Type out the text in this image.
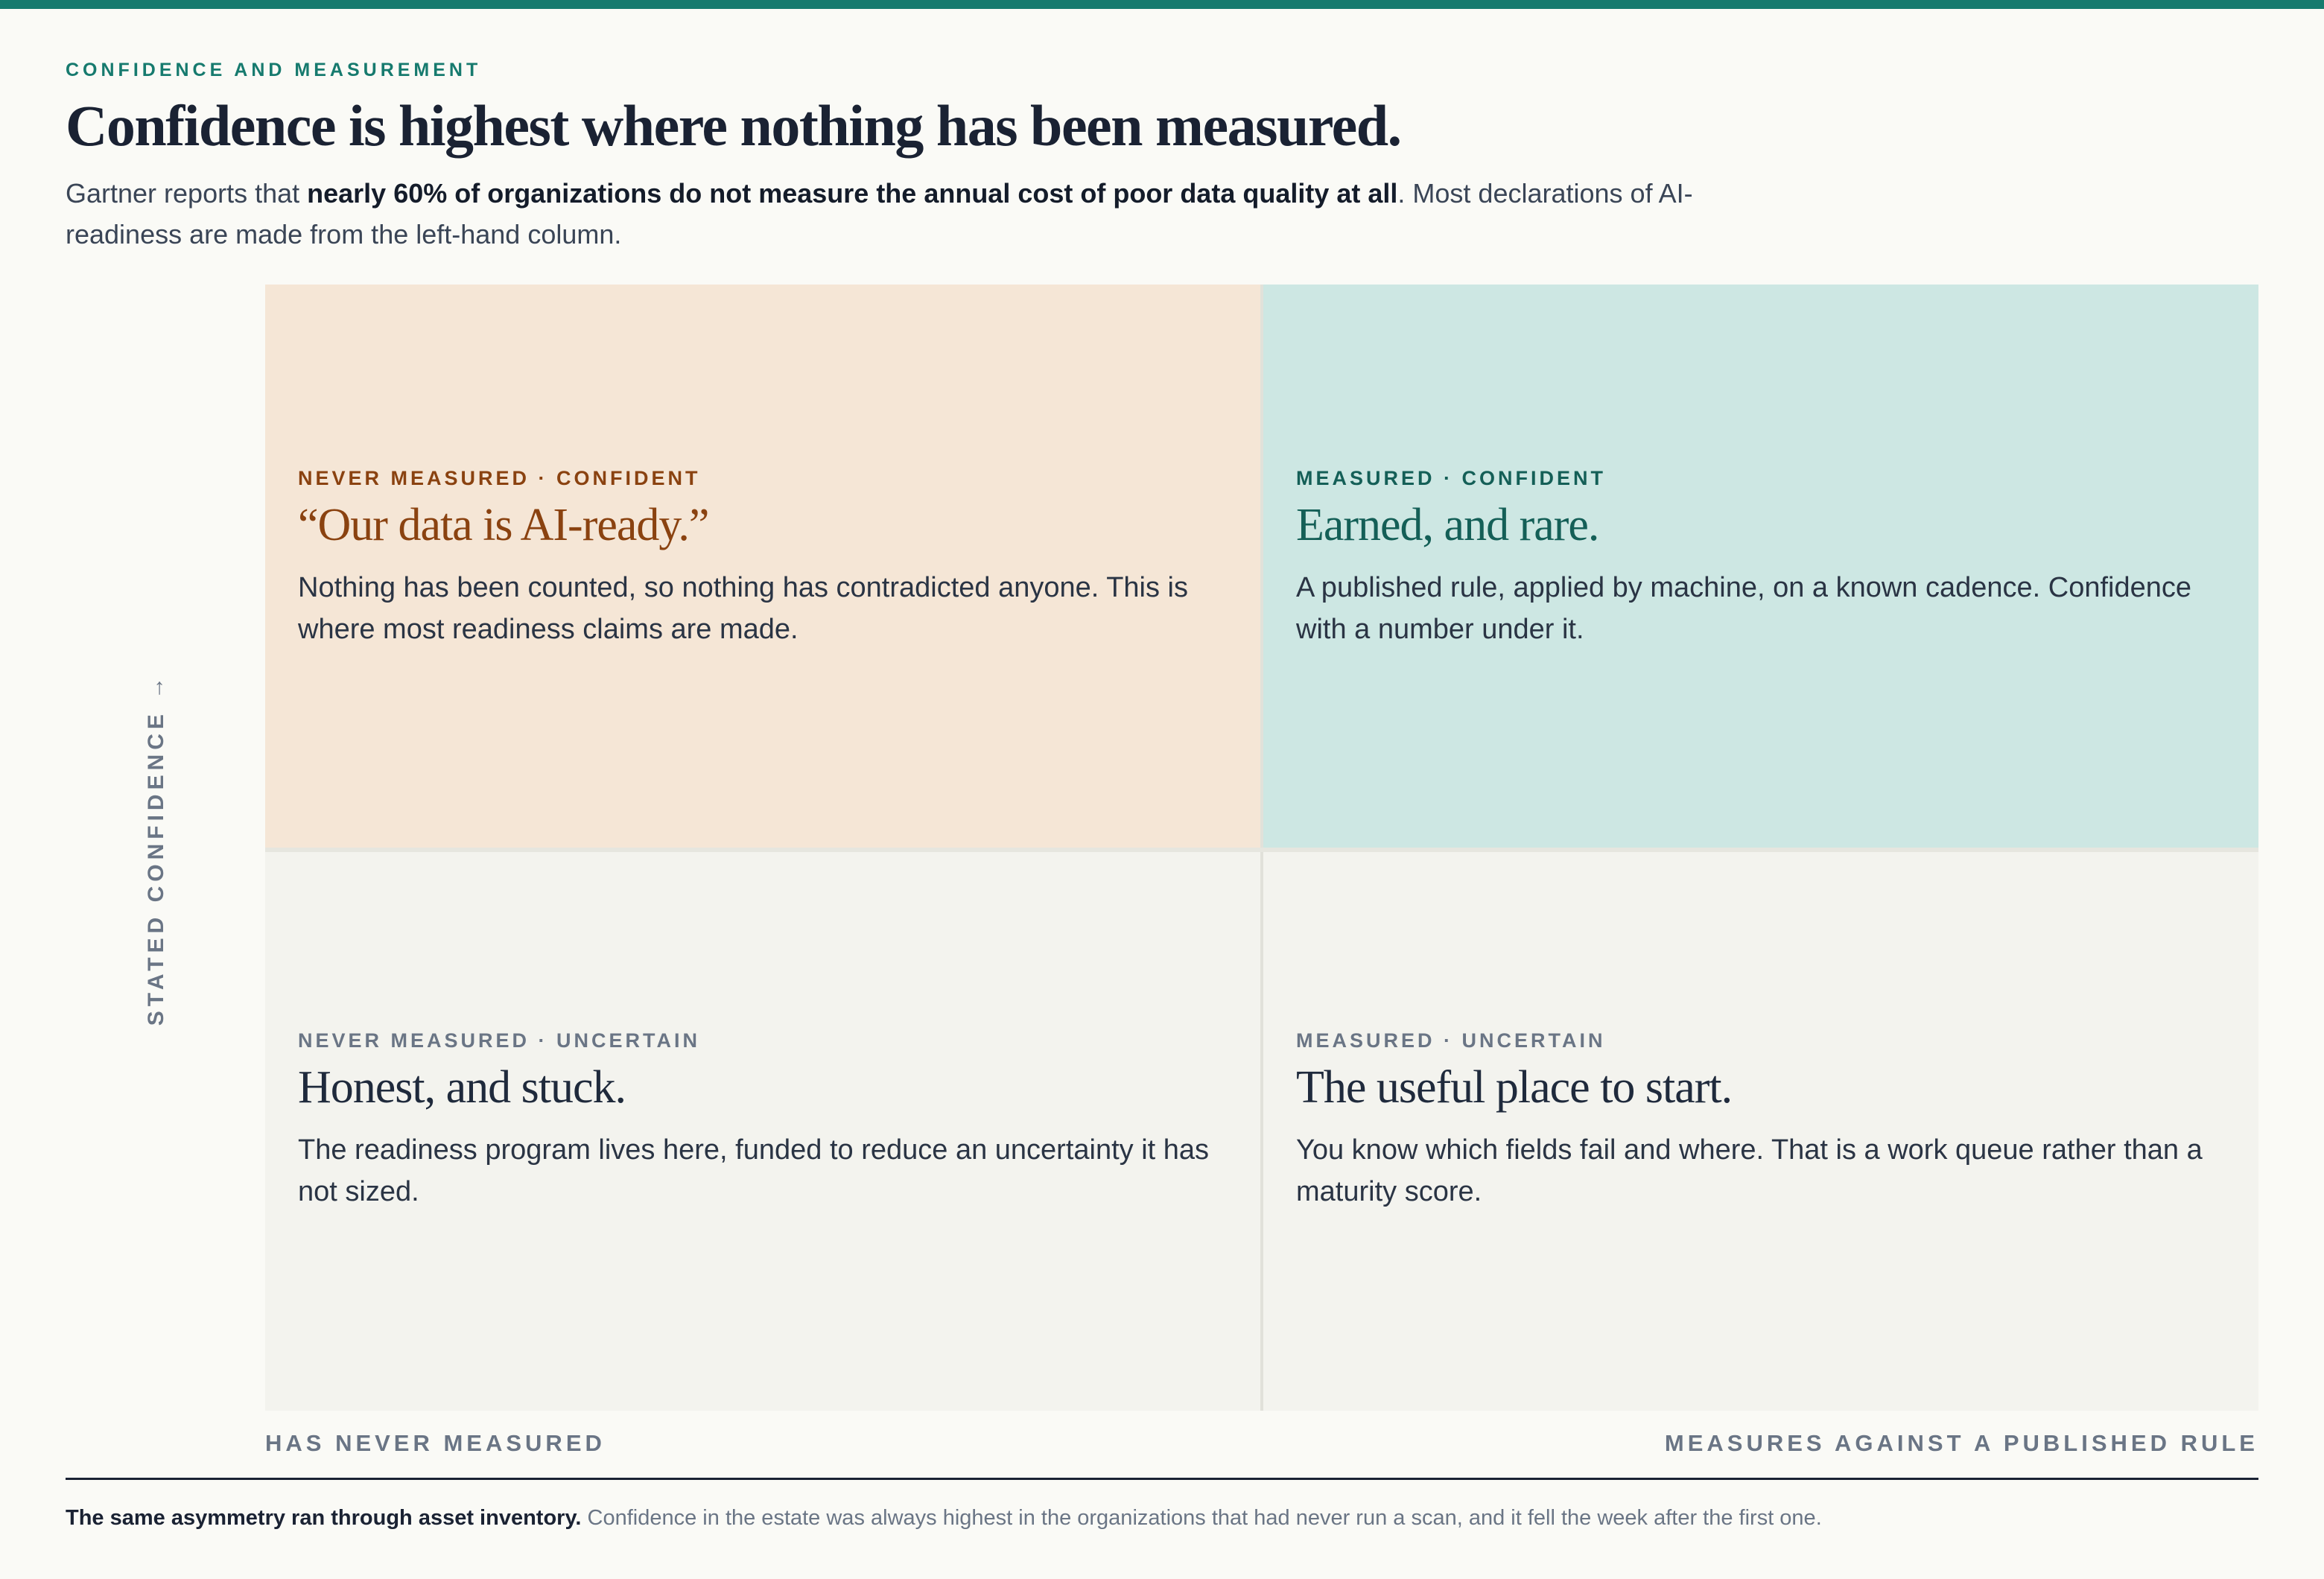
CONFIDENCE AND MEASUREMENT
Confidence is highest where nothing has been measured.

Gartner reports that nearly 60% of organizations do not measure the annual cost of poor data quality at all. Most declarations of AI-readiness are made from the left-hand column.

STATED CONFIDENCE →
NEVER MEASURED · CONFIDENT
“Our data is AI-ready.”
Nothing has been counted, so nothing has contradicted anyone. This is where most readiness claims are made.
MEASURED · CONFIDENT
Earned, and rare.
A published rule, applied by machine, on a known cadence. Confidence with a number under it.
NEVER MEASURED · UNCERTAIN
Honest, and stuck.
The readiness program lives here, funded to reduce an uncertainty it has not sized.
MEASURED · UNCERTAIN
The useful place to start.
You know which fields fail and where. That is a work queue rather than a maturity score.
HAS NEVER MEASURED	MEASURES AGAINST A PUBLISHED RULE

The same asymmetry ran through asset inventory. Confidence in the estate was always highest in the organizations that had never run a scan, and it fell the week after the first one.
